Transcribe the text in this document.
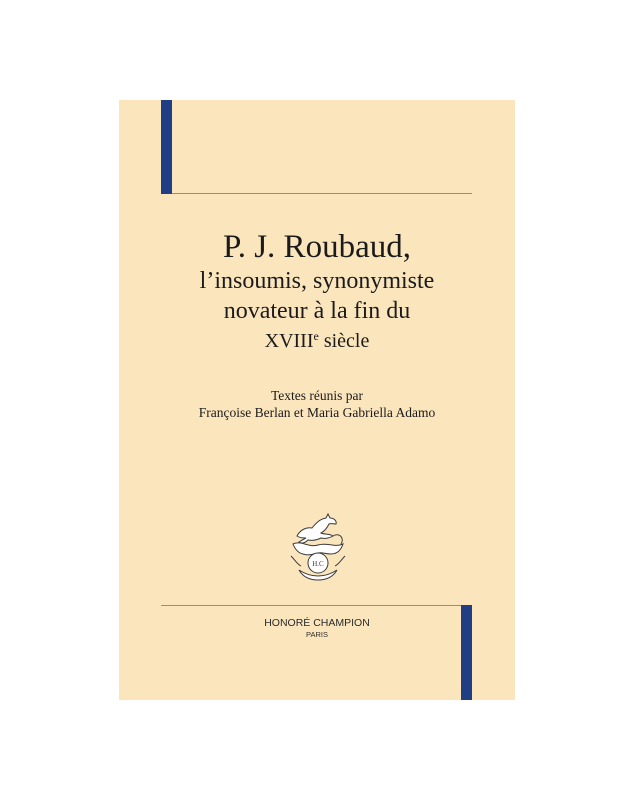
P. J. Roubaud,
l’insoumis, synonymiste
novateur à la fin du
XVIIIe siècle
Textes réunis par
Françoise Berlan et Maria Gabriella Adamo
H.C
HONORÉ CHAMPION
PARIS
